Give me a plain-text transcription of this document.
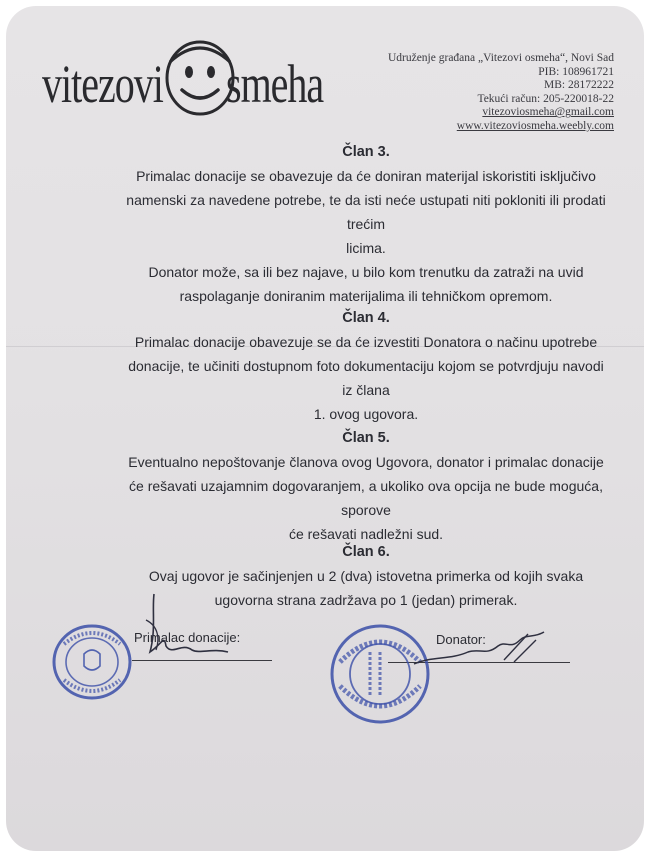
vitezovi smeha	Udruženje građana „Vitezovi osmeha“, Novi Sad
PIB: 108961721
MB: 28172222
Tekući račun: 205-220018-22
vitezoviosmeha@gmail.com
www.vitezoviosmeha.weebly.com
Član 3.

Primalac donacije se obavezuje da će doniran materijal iskoristiti isključivo

namenski za navedene potrebe, te da isti neće ustupati niti pokloniti ili prodati trećim

licima.

Donator može, sa ili bez najave, u bilo kom trenutku da zatraži na uvid

raspolaganje doniranim materijalima ili tehničkom opremom.

Član 4.

Primalac donacije obavezuje se da će izvestiti Donatora o načinu upotrebe

donacije, te učiniti dostupnom foto dokumentaciju kojom se potvrdjuju navodi iz člana

1. ovog ugovora.

Član 5.

Eventualno nepoštovanje članova ovog Ugovora, donator i primalac donacije

će rešavati uzajamnim dogovaranjem, a ukoliko ova opcija ne bude moguća, sporove

će rešavati nadležni sud.

Član 6.

Ovaj ugovor je sačinjenjen u 2 (dva) istovetna primerka od kojih svaka

ugovorna strana zadržava po 1 (jedan) primerak.

Primalac donacije:	Donator:
